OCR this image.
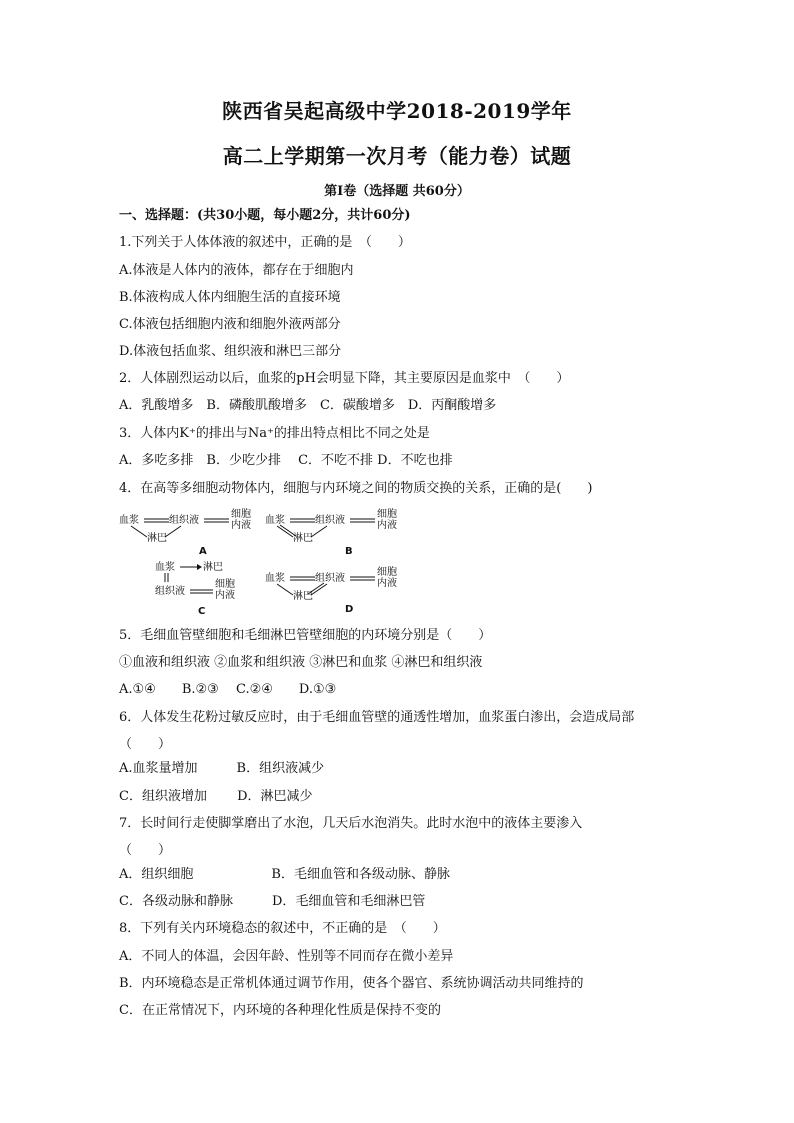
陕西省吴起高级中学2018-2019学年
高二上学期第一次月考（能力卷）试题
第Ⅰ卷（选择题 共60分）
一、选择题：(共30小题，每小题2分，共计60分)
1.下列关于人体体液的叙述中，正确的是　（　　）
A.体液是人体内的液体，都存在于细胞内
B.体液构成人体内细胞生活的直接环境
C.体液包括细胞内液和细胞外液两部分
D.体液包括血浆、组织液和淋巴三部分
2．人体剧烈运动以后，血浆的pH会明显下降，其主要原因是血浆中　（　　）
A．乳酸增多　B．磷酸肌酸增多　C．碳酸增多　D．丙酮酸增多
3．人体内K⁺的排出与Na⁺的排出特点相比不同之处是
A．多吃多排　B．少吃少排　 C．不吃不排 D．不吃也排
4．在高等多细胞动物体内，细胞与内环境之间的物质交换的关系，正确的是(　　)
血浆	组织液
细胞
内液
淋巴
A
血浆	组织液
细胞
内液
淋巴
B
血浆	淋巴
组织液
细胞
内液
C
血浆	组织液
细胞
内液
淋巴
D
5．毛细血管壁细胞和毛细淋巴管壁细胞的内环境分别是（　　）
①血液和组织液 ②血浆和组织液 ③淋巴和血浆 ④淋巴和组织液
A.①④　　B.②③　 C.②④　　D.①③
6．人体发生花粉过敏反应时，由于毛细血管壁的通透性增加，血浆蛋白渗出，会造成局部
（　　）
A.血浆量增加　　　B．组织液减少
C．组织液增加　　 D．淋巴减少
7．长时间行走使脚掌磨出了水泡，几天后水泡消失。此时水泡中的液体主要渗入
（　　）
A．组织细胞　　　　　　B．毛细血管和各级动脉、静脉
C．各级动脉和静脉　　　D．毛细血管和毛细淋巴管
8．下列有关内环境稳态的叙述中，不正确的是　（　　）
A．不同人的体温，会因年龄、性别等不同而存在微小差异
B．内环境稳态是正常机体通过调节作用，使各个器官、系统协调活动共同维持的
C．在正常情况下，内环境的各种理化性质是保持不变的
